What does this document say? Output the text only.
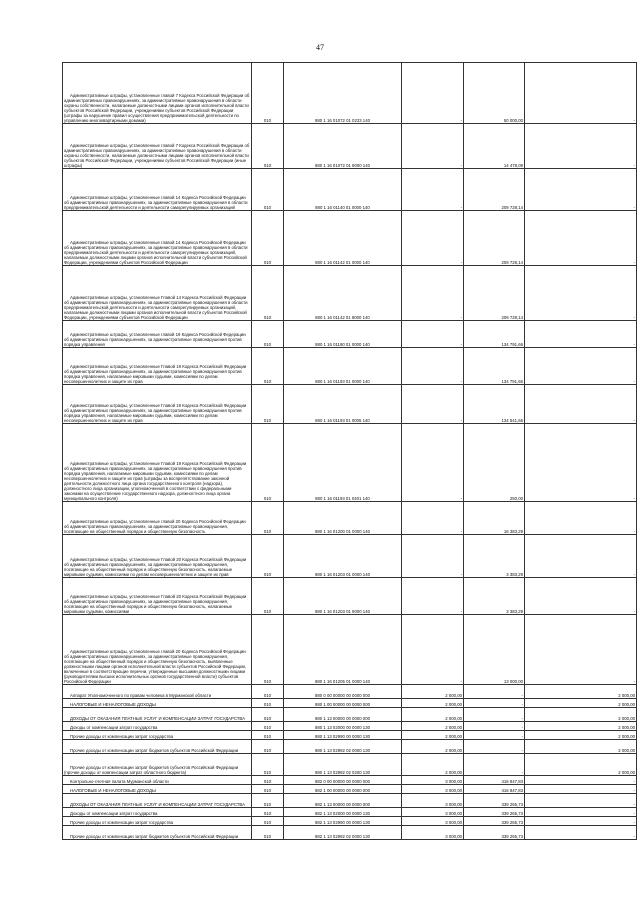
47
Административные штрафы, установленные главой 7 Кодекса Российской Федерации об административных правонарушениях, за административные правонарушения в области охраны собственности, налагаемые должностными лицами органов исполнительной власти субъектов Российской Федерации, учреждениями субъектов Российской Федерации (штрафы за нарушение правил осуществления предпринимательской деятельности по управлению многоквартирными домами)	010	880 1 16 01072 01 0233 140	-	50 000,00	-

Административные штрафы, установленные главой 7 Кодекса Российской Федерации об административных правонарушениях, за административные правонарушения в области охраны собственности, налагаемые должностными лицами органов исполнительной власти субъектов Российской Федерации, учреждениями субъектов Российской Федерации (иные штрафы)	010	880 1 16 01072 01 9000 140	-	14 478,09	-

Административные штрафы, установленные главой 14 Кодекса Российской Федерации об административных правонарушениях, за административные правонарушения в области предпринимательской деятельности и деятельности саморегулируемых организаций	010	880 1 16 01140 01 0000 140	-	209 728,14	-

Административные штрафы, установленные главой 14 Кодекса Российской Федерации об административных правонарушениях, за административные правонарушения в области предпринимательской деятельности и деятельности саморегулируемых организаций, налагаемые должностными лицами органов исполнительной власти субъектов Российской Федерации, учреждениями субъектов Российской Федерации	010	880 1 16 01142 01 0000 140	-	209 728,14	-

Административные штрафы, установленные Главой 14 Кодекса Российской Федерации об административных правонарушениях, за административные правонарушения в области предпринимательской деятельности и деятельности саморегулируемых организаций, налагаемые должностными лицами органов исполнительной власти субъектов Российской Федерации, учреждениями субъектов Российской Федерации	010	880 1 16 01142 01 9000 140	-	209 728,14	-

Административные штрафы, установленные главой 19 Кодекса Российской Федерации об административных правонарушениях, за административные правонарушения против порядка управления	010	880 1 16 01190 01 0000 140	-	134 791,66	-

Административные штрафы, установленные Главой 19 Кодекса Российской Федерации об административных правонарушениях, за административные правонарушения против порядка управления, налагаемые мировыми судьями, комиссиями по делам несовершеннолетних и защите их прав	010	880 1 16 01193 01 0000 140	-	134 791,66	-

Административные штрафы, установленные Главой 19 Кодекса Российской Федерации об административных правонарушениях, за административные правонарушения против порядка управления, налагаемые мировыми судьями, комиссиями по делам несовершеннолетних и защите их прав	010	880 1 16 01193 01 0005 140	-	134 541,66	-

Административные штрафы, установленные Главой 19 Кодекса Российской Федерации об административных правонарушениях, за административные правонарушения против порядка управления, налагаемые мировыми судьями, комиссиями по делам несовершеннолетних и защите их прав (штрафы за воспрепятствование законной деятельности должностного лица органа государственного контроля (надзора), должностного лица организации, уполномоченной в соответствии с федеральными законами на осуществление государственного надзора, должностного лица органа муниципального контроля)	010	880 1 16 01193 01 0401 140	-	250,00	-

Административные штрафы, установленные главой 20 Кодекса Российской Федерации об административных правонарушениях, за административные правонарушения, посягающие на общественный порядок и общественную безопасность	010	880 1 16 01200 01 0000 140	-	16 383,29	-

Административные штрафы, установленные Главой 20 Кодекса Российской Федерации об административных правонарушениях, за административные правонарушения, посягающие на общественный порядок и общественную безопасность, налагаемые мировыми судьями, комиссиями по делам несовершеннолетних и защите их прав	010	880 1 16 01203 01 0000 140	-	3 383,29	-

Административные штрафы, установленные Главой 20 Кодекса Российской Федерации об административных правонарушениях, за административные правонарушения, посягающие на общественный порядок и общественную безопасность, налагаемые мировыми судьями, комиссиями	010	880 1 16 01203 01 9000 140	-	3 383,29	-

Административные штрафы, установленные главой 20 Кодекса Российской Федерации об административных правонарушениях, за административные правонарушения, посягающие на общественный порядок и общественную безопасность, выявленные должностными лицами органов исполнительной власти субъектов Российской Федерации, включенные в соответствующие перечни, утвержденные высшими должностными лицами (руководителями высших исполнительных органов государственной власти) субъектов Российской Федерации	010	880 1 16 01205 01 0000 140	-	13 000,00	-

Аппарат Уполномоченного по правам человека в Мурманской области	010	880 0 00 00000 00 0000 000	2 000,00	-	2 000,00

НАЛОГОВЫЕ И НЕНАЛОГОВЫЕ ДОХОДЫ	010	880 1 00 00000 00 0000 000	2 000,00	-	2 000,00

ДОХОДЫ ОТ ОКАЗАНИЯ ПЛАТНЫХ УСЛУГ И КОМПЕНСАЦИИ ЗАТРАТ ГОСУДАРСТВА	010	880 1 13 00000 00 0000 000	2 000,00	-	2 000,00

Доходы от компенсации затрат государства	010	880 1 13 02000 00 0000 130	2 000,00	-	2 000,00

Прочие доходы от компенсации затрат государства	010	880 1 13 02990 00 0000 130	2 000,00	-	2 000,00

Прочие доходы от компенсации затрат бюджетов субъектов Российской Федерации	010	880 1 13 02992 02 0000 130	2 000,00	-	2 000,00

Прочие доходы от компенсации затрат бюджетов субъектов Российской Федерации (прочие доходы от компенсации затрат областного бюджета)	010	880 1 13 02992 02 0200 130	2 000,00	-	2 000,00

Контрольно-счетная палата Мурманской области	010	882 0 00 00000 00 0000 000	3 000,00	416 847,83	-

НАЛОГОВЫЕ И НЕНАЛОГОВЫЕ ДОХОДЫ	010	882 1 00 00000 00 0000 000	3 000,00	416 847,83	-

ДОХОДЫ ОТ ОКАЗАНИЯ ПЛАТНЫХ УСЛУГ И КОМПЕНСАЦИИ ЗАТРАТ ГОСУДАРСТВА	010	882 1 13 00000 00 0000 000	3 000,00	339 265,73	-

Доходы от компенсации затрат государства	010	882 1 13 02000 00 0000 130	3 000,00	339 265,73	-

Прочие доходы от компенсации затрат государства	010	882 1 13 02990 00 0000 130	3 000,00	339 265,73	-

Прочие доходы от компенсации затрат бюджетов субъектов Российской Федерации	010	882 1 13 02992 02 0000 130	3 000,00	339 265,73	-
